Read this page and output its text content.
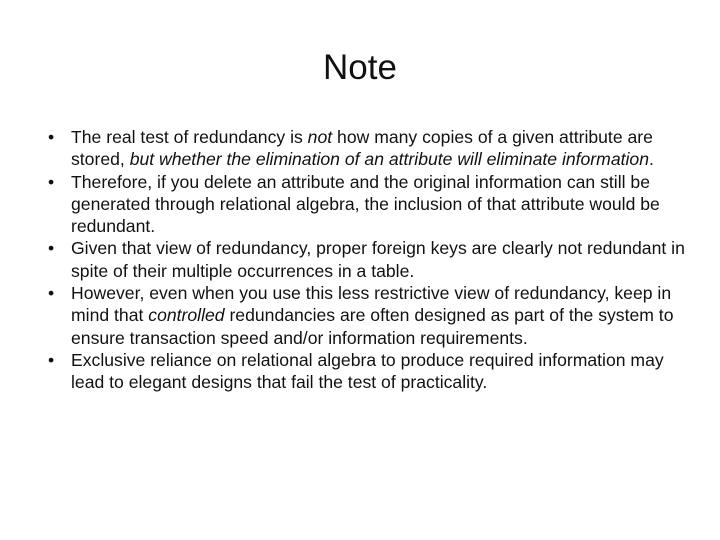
Note
• The real test of redundancy is not how many copies of a given attribute are stored, but whether the elimination of an attribute will eliminate information.
• Therefore, if you delete an attribute and the original information can still be generated through relational algebra, the inclusion of that attribute would be redundant.
• Given that view of redundancy, proper foreign keys are clearly not redundant in spite of their multiple occurrences in a table.
• However, even when you use this less restrictive view of redundancy, keep in mind that controlled redundancies are often designed as part of the system to ensure transaction speed and/or information requirements.
• Exclusive reliance on relational algebra to produce required information may lead to elegant designs that fail the test of practicality.
